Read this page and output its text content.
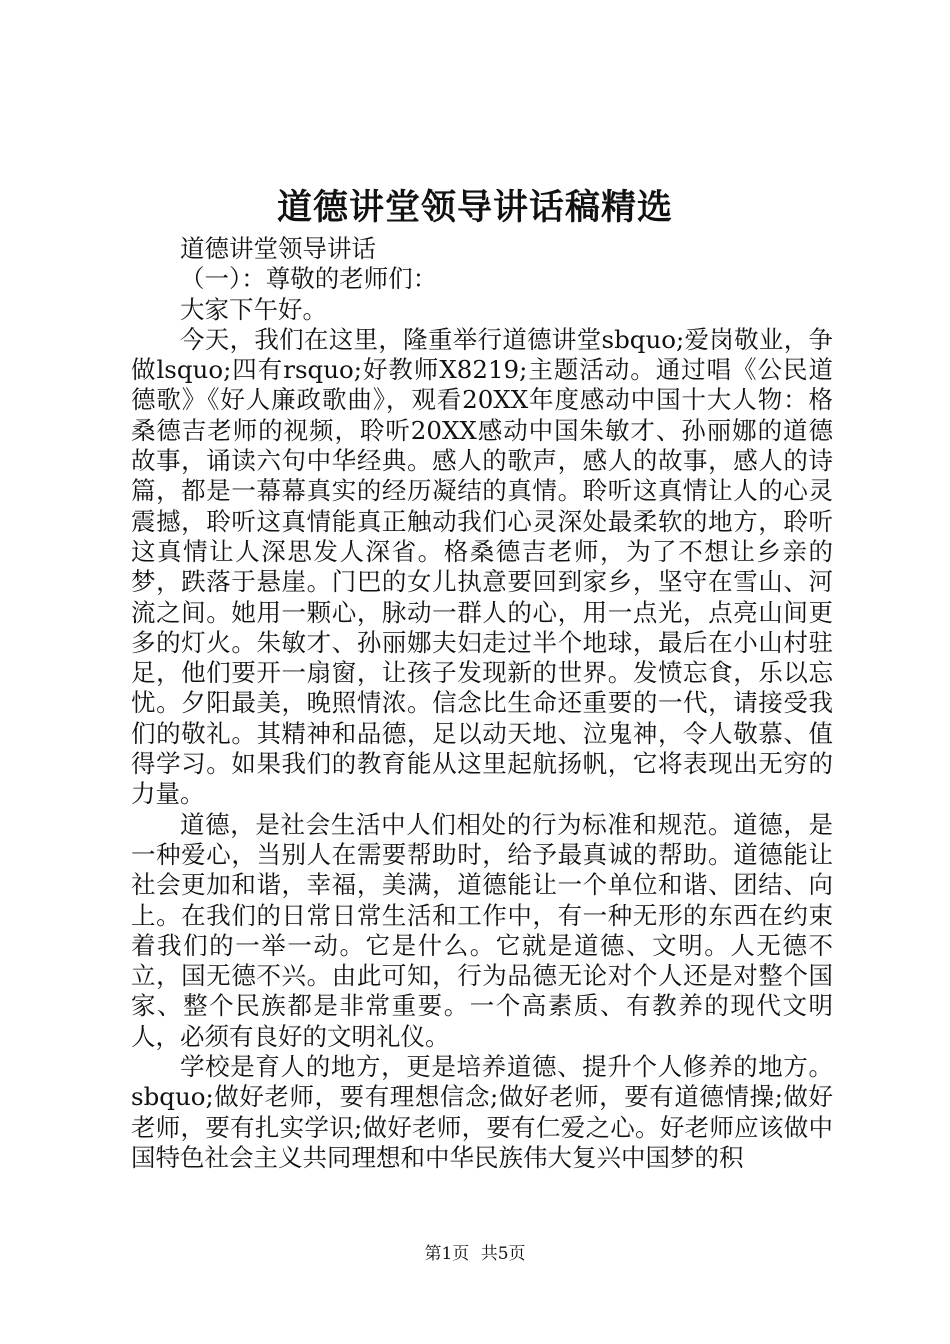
道德讲堂领导讲话稿精选

道德讲堂领导讲话

（一）：尊敬的老师们：

大家下午好。

今天，我们在这里，隆重举行道德讲堂sbquo;爱岗敬业，争做lsquo;四有rsquo;好教师X8219;主题活动。通过唱《公民道德歌》《好人廉政歌曲》，观看20XX年度感动中国十大人物：格桑德吉老师的视频，聆听20XX感动中国朱敏才、孙丽娜的道德故事，诵读六句中华经典。感人的歌声，感人的故事，感人的诗篇，都是一幕幕真实的经历凝结的真情。聆听这真情让人的心灵震撼，聆听这真情能真正触动我们心灵深处最柔软的地方，聆听这真情让人深思发人深省。格桑德吉老师，为了不想让乡亲的梦，跌落于悬崖。门巴的女儿执意要回到家乡，坚守在雪山、河流之间。她用一颗心，脉动一群人的心，用一点光，点亮山间更多的灯火。朱敏才、孙丽娜夫妇走过半个地球，最后在小山村驻足，他们要开一扇窗，让孩子发现新的世界。发愤忘食，乐以忘忧。夕阳最美，晚照情浓。信念比生命还重要的一代，请接受我们的敬礼。其精神和品德，足以动天地、泣鬼神，令人敬慕、值得学习。如果我们的教育能从这里起航扬帆，它将表现出无穷的力量。

道德，是社会生活中人们相处的行为标准和规范。道德，是一种爱心，当别人在需要帮助时，给予最真诚的帮助。道德能让社会更加和谐，幸福，美满，道德能让一个单位和谐、团结、向上。在我们的日常日常生活和工作中，有一种无形的东西在约束着我们的一举一动。它是什么。它就是道德、文明。人无德不立，国无德不兴。由此可知，行为品德无论对个人还是对整个国家、整个民族都是非常重要。一个高素质、有教养的现代文明人，必须有良好的文明礼仪。

学校是育人的地方，更是培养道德、提升个人修养的地方。sbquo;做好老师，要有理想信念;做好老师，要有道德情操;做好老师，要有扎实学识;做好老师，要有仁爱之心。好老师应该做中国特色社会主义共同理想和中华民族伟大复兴中国梦的积

第1页 共5页
